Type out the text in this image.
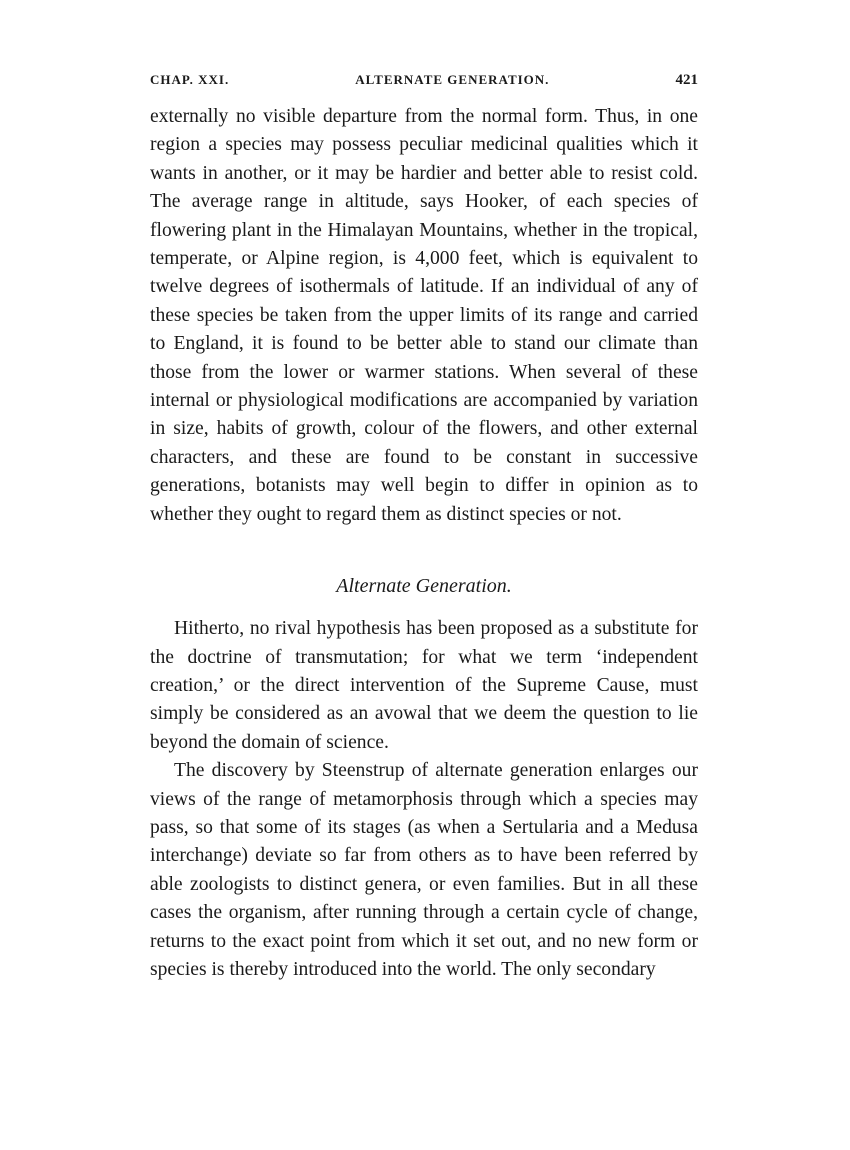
CHAP. XXI.	ALTERNATE GENERATION.	421

externally no visible departure from the normal form. Thus, in one region a species may possess peculiar medicinal qualities which it wants in another, or it may be hardier and better able to resist cold. The average range in altitude, says Hooker, of each species of flowering plant in the Himalayan Mountains, whether in the tropical, temperate, or Alpine region, is 4,000 feet, which is equivalent to twelve degrees of isothermals of latitude. If an individual of any of these species be taken from the upper limits of its range and carried to England, it is found to be better able to stand our climate than those from the lower or warmer stations. When several of these internal or physiological modifications are accompanied by variation in size, habits of growth, colour of the flowers, and other external characters, and these are found to be constant in successive generations, botanists may well begin to differ in opinion as to whether they ought to regard them as distinct species or not.

Alternate Generation.

Hitherto, no rival hypothesis has been proposed as a substitute for the doctrine of transmutation; for what we term ‘independent creation,’ or the direct intervention of the Supreme Cause, must simply be considered as an avowal that we deem the question to lie beyond the domain of science.

The discovery by Steenstrup of alternate generation enlarges our views of the range of metamorphosis through which a species may pass, so that some of its stages (as when a Sertularia and a Medusa interchange) deviate so far from others as to have been referred by able zoologists to distinct genera, or even families. But in all these cases the organism, after running through a certain cycle of change, returns to the exact point from which it set out, and no new form or species is thereby introduced into the world. The only secondary
